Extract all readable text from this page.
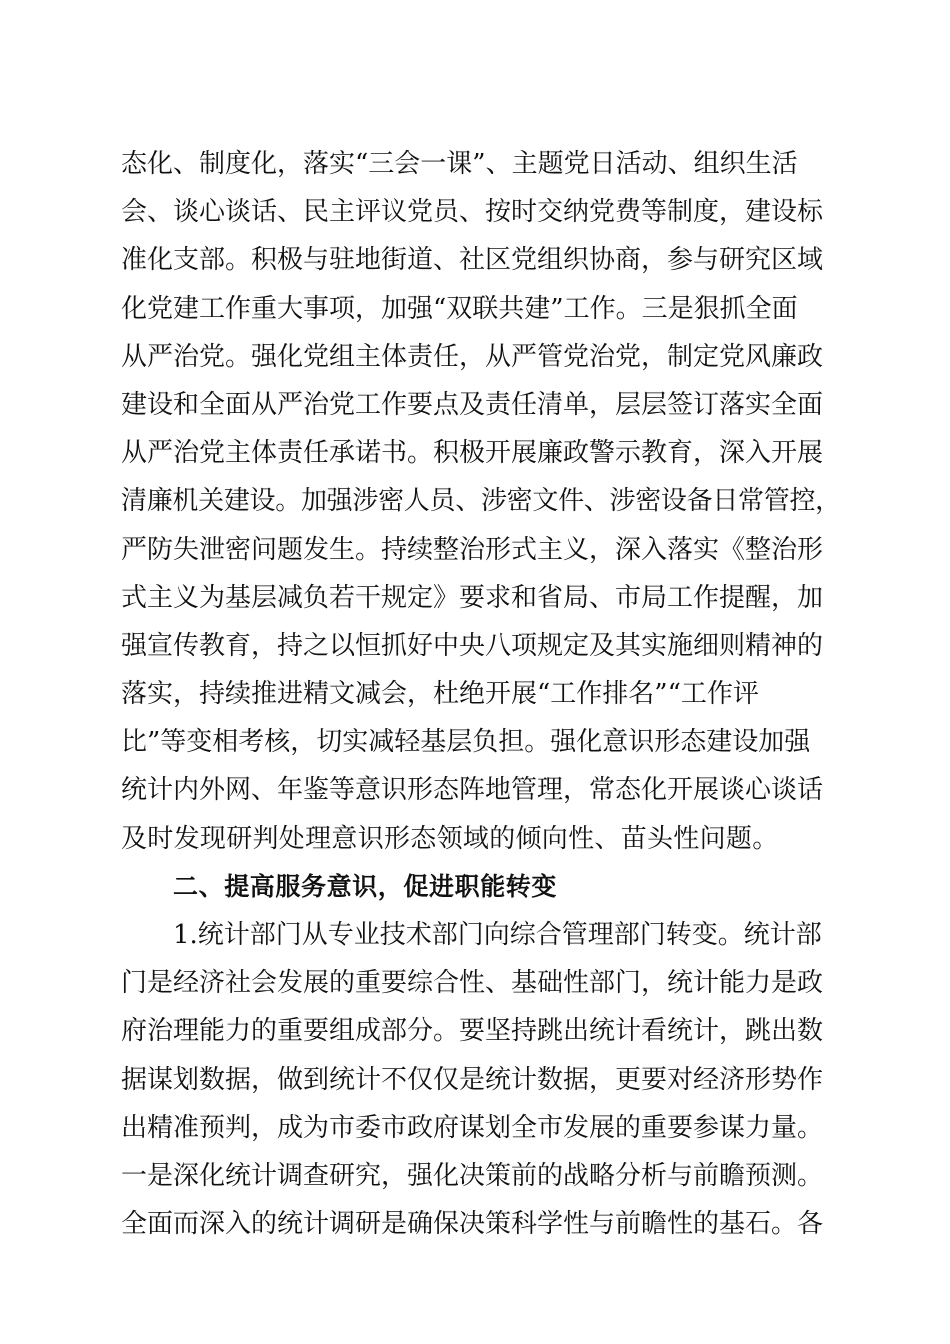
态化、制度化，落实“三会一课”、主题党日活动、组织生活
会、谈心谈话、民主评议党员、按时交纳党费等制度，建设标
准化支部。积极与驻地街道、社区党组织协商，参与研究区域
化党建工作重大事项，加强“双联共建”工作。三是狠抓全面
从严治党。强化党组主体责任，从严管党治党，制定党风廉政
建设和全面从严治党工作要点及责任清单，层层签订落实全面
从严治党主体责任承诺书。积极开展廉政警示教育，深入开展
清廉机关建设。加强涉密人员、涉密文件、涉密设备日常管控，
严防失泄密问题发生。持续整治形式主义，深入落实《整治形
式主义为基层减负若干规定》要求和省局、市局工作提醒，加
强宣传教育，持之以恒抓好中央八项规定及其实施细则精神的
落实，持续推进精文减会，杜绝开展“工作排名”“工作评
比”等变相考核，切实减轻基层负担。强化意识形态建设加强
统计内外网、年鉴等意识形态阵地管理，常态化开展谈心谈话
及时发现研判处理意识形态领域的倾向性、苗头性问题。
二、提高服务意识，促进职能转变
1.统计部门从专业技术部门向综合管理部门转变。统计部
门是经济社会发展的重要综合性、基础性部门，统计能力是政
府治理能力的重要组成部分。要坚持跳出统计看统计，跳出数
据谋划数据，做到统计不仅仅是统计数据，更要对经济形势作
出精准预判，成为市委市政府谋划全市发展的重要参谋力量。
一是深化统计调查研究，强化决策前的战略分析与前瞻预测。
全面而深入的统计调研是确保决策科学性与前瞻性的基石。各
